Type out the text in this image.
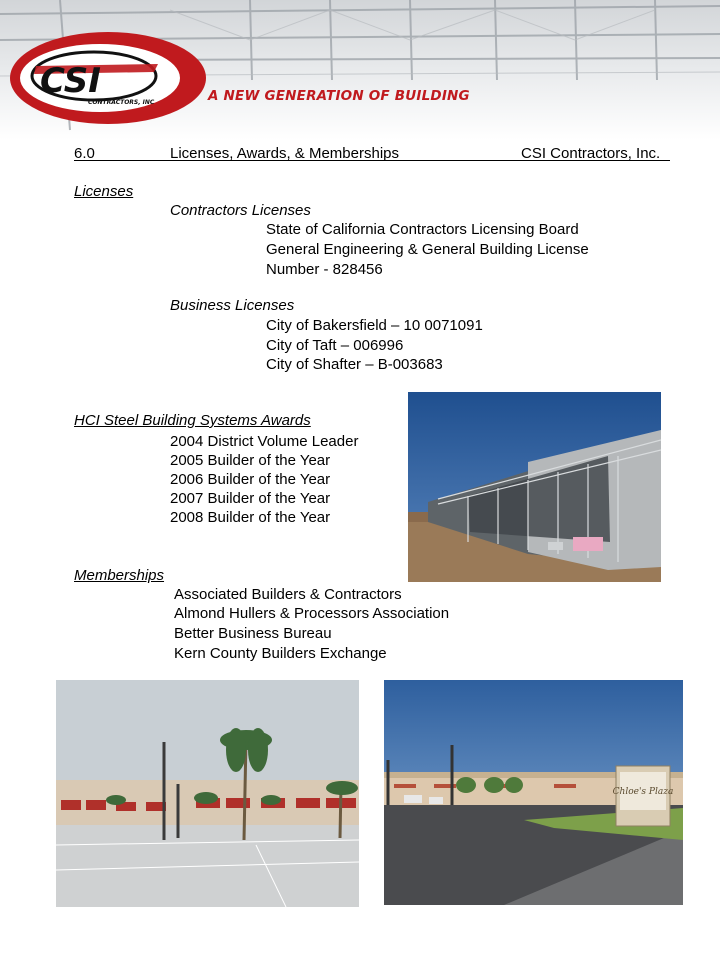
CSI
CONTRACTORS, INC	A NEW GENERATION OF BUILDING
6.0	Licenses, Awards, & Memberships	CSI Contractors, Inc.
Licenses
Contractors Licenses
State of California Contractors Licensing Board
General Engineering & General Building License
Number - 828456
Business Licenses
City of Bakersfield – 10 0071091
City of Taft – 006996
City of Shafter – B-003683
HCI Steel Building Systems Awards
2004 District Volume Leader
2005 Builder of the Year
2006 Builder of the Year
2007 Builder of the Year
2008 Builder of the Year
Memberships
Associated Builders & Contractors
Almond Hullers & Processors Association
Better Business Bureau
Kern County Builders Exchange
Chloe's Plaza
